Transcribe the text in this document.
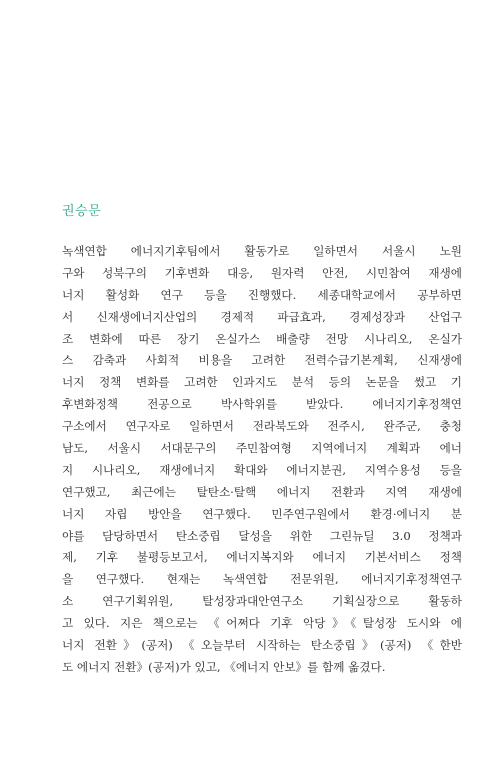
권승문
녹색연합 에너지기후팀에서 활동가로 일하면서 서울시 노원
구와 성북구의 기후변화 대응, 원자력 안전, 시민참여 재생에
너지 활성화 연구 등을 진행했다. 세종대학교에서 공부하면
서 신재생에너지산업의 경제적 파급효과, 경제성장과 산업구
조 변화에 따른 장기 온실가스 배출량 전망 시나리오, 온실가
스 감축과 사회적 비용을 고려한 전력수급기본계획, 신재생에
너지 정책 변화를 고려한 인과지도 분석 등의 논문을 썼고 기
후변화정책 전공으로 박사학위를 받았다. 에너지기후정책연
구소에서 연구자로 일하면서 전라북도와 전주시, 완주군, 충청
남도, 서울시 서대문구의 주민참여형 지역에너지 계획과 에너
지 시나리오, 재생에너지 확대와 에너지분권, 지역수용성 등을
연구했고, 최근에는 탈탄소·탈핵 에너지 전환과 지역 재생에
너지 자립 방안을 연구했다. 민주연구원에서 환경·에너지 분
야를 담당하면서 탄소중립 달성을 위한 그린뉴딜 3.0 정책과
제, 기후 불평등보고서, 에너지복지와 에너지 기본서비스 정책
을 연구했다. 현재는 녹색연합 전문위원, 에너지기후정책연구
소 연구기획위원, 탈성장과대안연구소 기획실장으로 활동하
고 있다. 지은 책으로는 《어쩌다 기후 악당》《탈성장 도시와 에
너지 전환》(공저) 《오늘부터 시작하는 탄소중립》(공저) 《한반
도 에너지 전환》(공저)가 있고, 《에너지 안보》를 함께 옮겼다.
